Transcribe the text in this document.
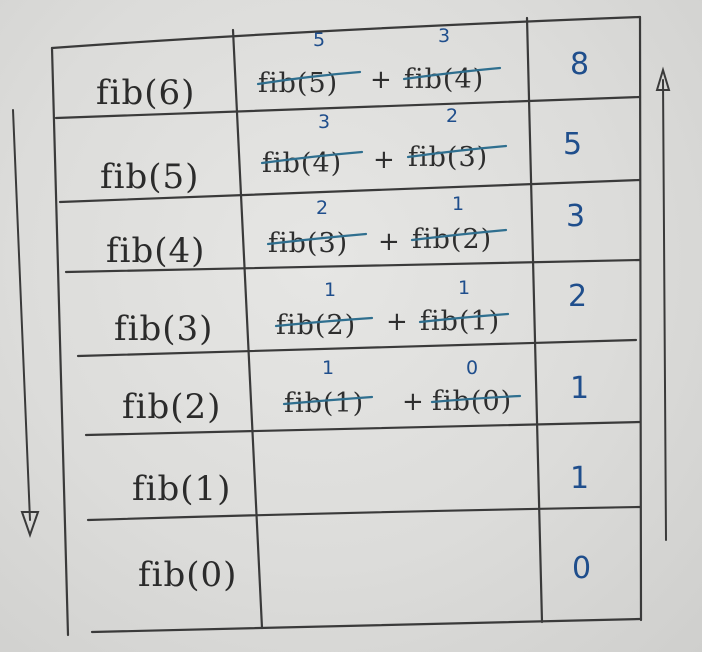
fib(6)
fib(5)
fib(4)
fib(3)
fib(2)
fib(1)
fib(0)
5
fib(5) +
3
fib(4)
3
fib(4) +
2
fib(3)
2
fib(3) +
1
fib(2)
1
fib(2) +
1
fib(1)
1
fib(1) +
0
fib(0)
8
5
3
2
1
1
0
